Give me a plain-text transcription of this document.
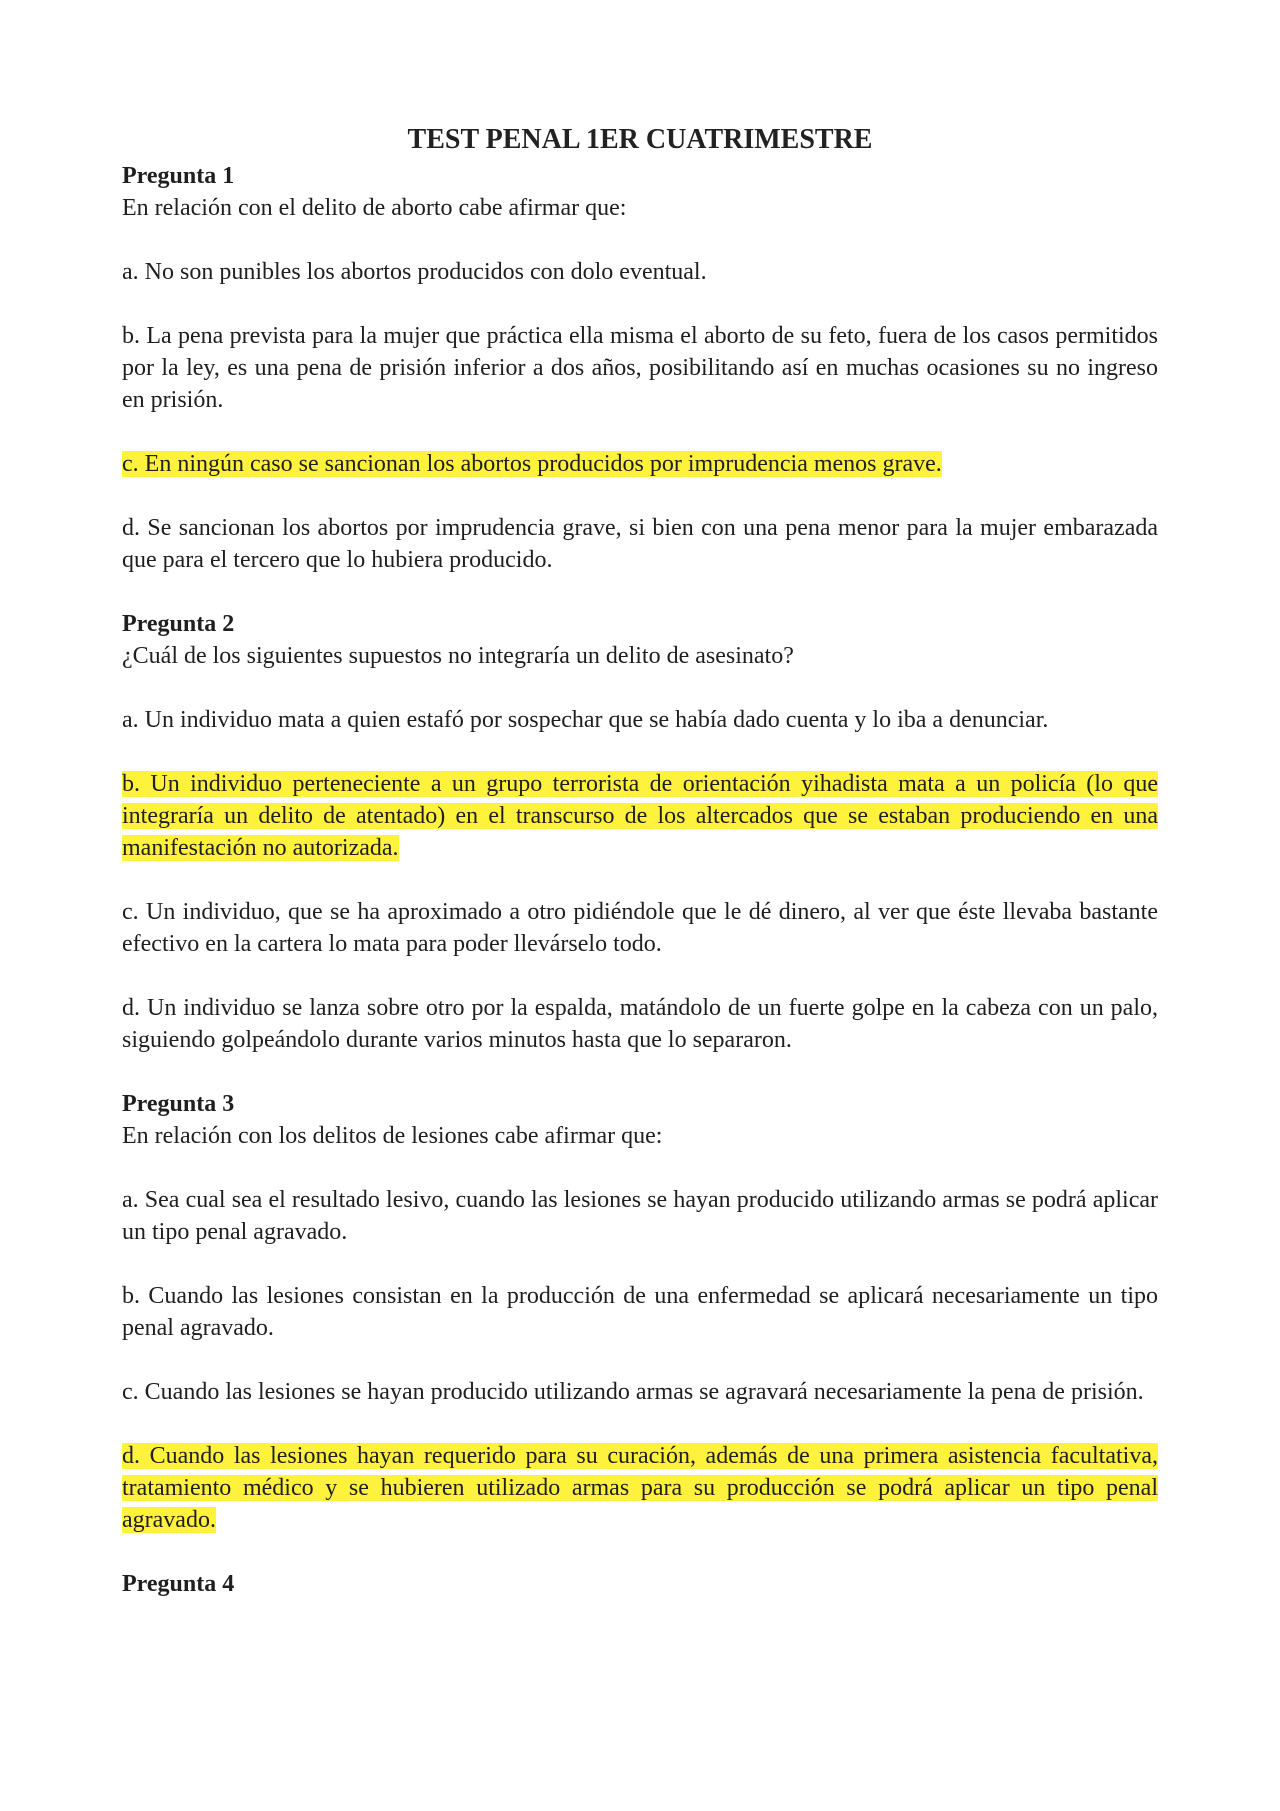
TEST PENAL 1ER CUATRIMESTRE
Pregunta 1
En relación con el delito de aborto cabe afirmar que:

a. No son punibles los abortos producidos con dolo eventual.

b. La pena prevista para la mujer que práctica ella misma el aborto de su feto, fuera de los casos permitidos por la ley, es una pena de prisión inferior a dos años, posibilitando así en muchas ocasiones su no ingreso en prisión.

c. En ningún caso se sancionan los abortos producidos por imprudencia menos grave.

d. Se sancionan los abortos por imprudencia grave, si bien con una pena menor para la mujer embarazada que para el tercero que lo hubiera producido.

Pregunta 2
¿Cuál de los siguientes supuestos no integraría un delito de asesinato?

a. Un individuo mata a quien estafó por sospechar que se había dado cuenta y lo iba a denunciar.

b. Un individuo perteneciente a un grupo terrorista de orientación yihadista mata a un policía (lo que integraría un delito de atentado) en el transcurso de los altercados que se estaban produciendo en una manifestación no autorizada.

c. Un individuo, que se ha aproximado a otro pidiéndole que le dé dinero, al ver que éste llevaba bastante efectivo en la cartera lo mata para poder llevárselo todo.

d. Un individuo se lanza sobre otro por la espalda, matándolo de un fuerte golpe en la cabeza con un palo, siguiendo golpeándolo durante varios minutos hasta que lo separaron.

Pregunta 3
En relación con los delitos de lesiones cabe afirmar que:

a. Sea cual sea el resultado lesivo, cuando las lesiones se hayan producido utilizando armas se podrá aplicar un tipo penal agravado.

b. Cuando las lesiones consistan en la producción de una enfermedad se aplicará necesariamente un tipo penal agravado.

c. Cuando las lesiones se hayan producido utilizando armas se agravará necesariamente la pena de prisión.

d. Cuando las lesiones hayan requerido para su curación, además de una primera asistencia facultativa, tratamiento médico y se hubieren utilizado armas para su producción se podrá aplicar un tipo penal agravado.

Pregunta 4
